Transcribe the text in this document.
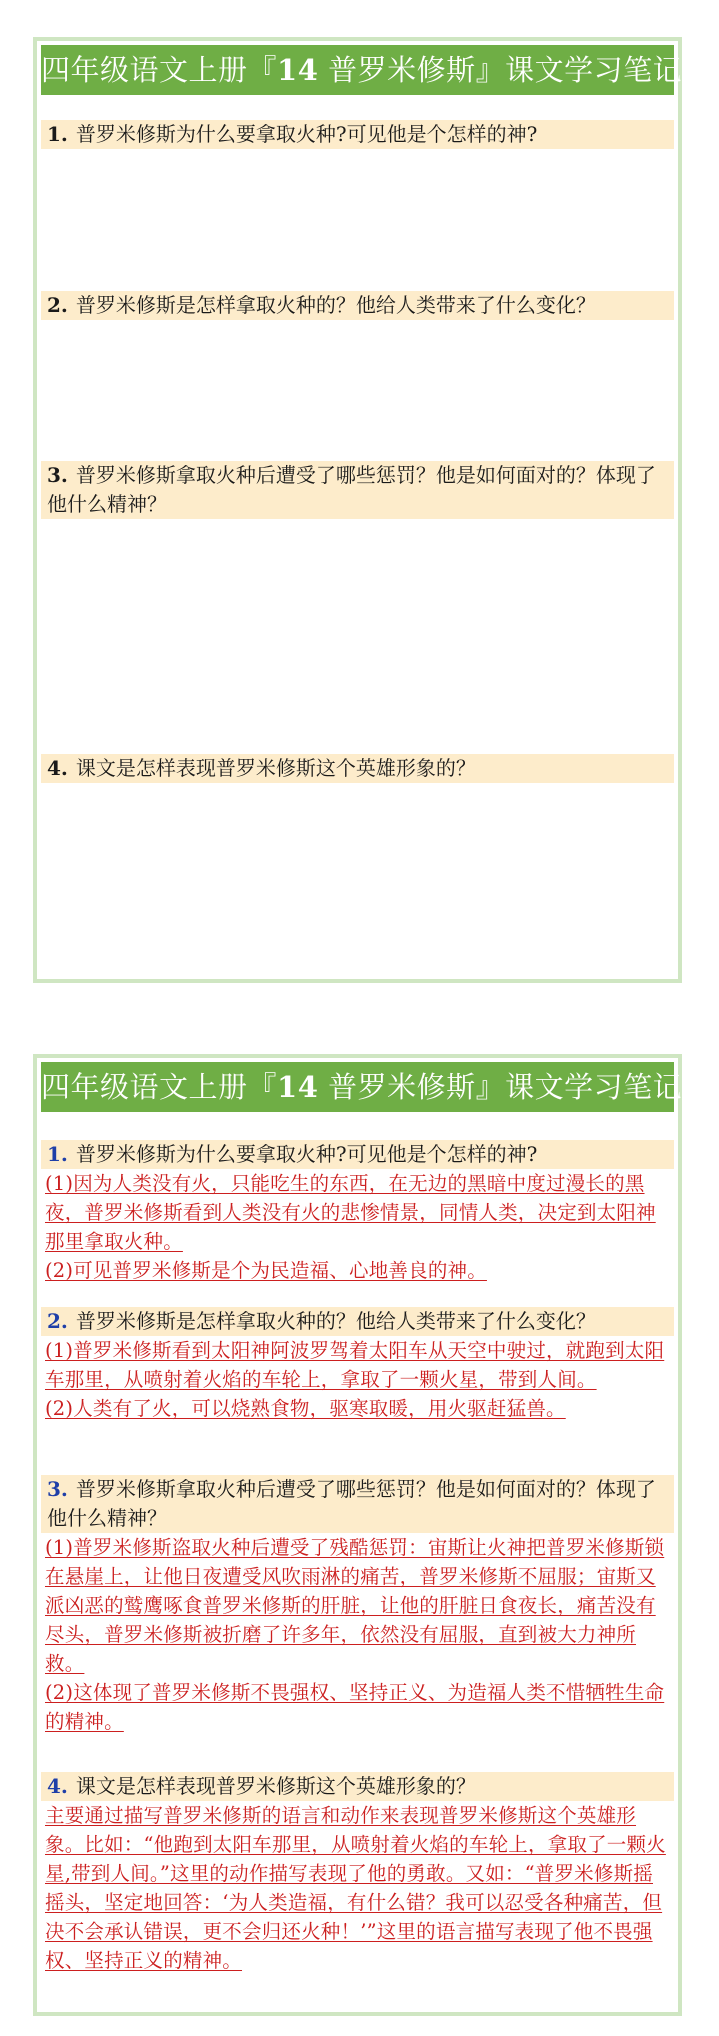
四年级语文上册『14 普罗米修斯』课文学习笔记
1. 普罗米修斯为什么要拿取火种?可见他是个怎样的神?
2. 普罗米修斯是怎样拿取火种的？他给人类带来了什么变化？
3. 普罗米修斯拿取火种后遭受了哪些惩罚？他是如何面对的？体现了他什么精神？
4. 课文是怎样表现普罗米修斯这个英雄形象的？
四年级语文上册『14 普罗米修斯』课文学习笔记
1. 普罗米修斯为什么要拿取火种?可见他是个怎样的神?

(1)因为人类没有火，只能吃生的东西，在无边的黑暗中度过漫长的黑夜，普罗米修斯看到人类没有火的悲惨情景，同情人类，决定到太阳神那里拿取火种。

(2)可见普罗米修斯是个为民造福、心地善良的神。

2. 普罗米修斯是怎样拿取火种的？他给人类带来了什么变化？

(1)普罗米修斯看到太阳神阿波罗驾着太阳车从天空中驶过，就跑到太阳车那里，从喷射着火焰的车轮上，拿取了一颗火星，带到人间。

(2)人类有了火，可以烧熟食物，驱寒取暖，用火驱赶猛兽。

3. 普罗米修斯拿取火种后遭受了哪些惩罚？他是如何面对的？体现了他什么精神？

(1)普罗米修斯盗取火种后遭受了残酷惩罚：宙斯让火神把普罗米修斯锁在悬崖上，让他日夜遭受风吹雨淋的痛苦，普罗米修斯不屈服；宙斯又派凶恶的鹫鹰啄食普罗米修斯的肝脏，让他的肝脏日食夜长，痛苦没有尽头，普罗米修斯被折磨了许多年，依然没有屈服，直到被大力神所救。

(2)这体现了普罗米修斯不畏强权、坚持正义、为造福人类不惜牺牲生命的精神。

4. 课文是怎样表现普罗米修斯这个英雄形象的？

主要通过描写普罗米修斯的语言和动作来表现普罗米修斯这个英雄形象。比如：“他跑到太阳车那里，从喷射着火焰的车轮上，拿取了一颗火星,带到人间。”这里的动作描写表现了他的勇敢。又如：“普罗米修斯摇摇头，坚定地回答：‘为人类造福，有什么错？我可以忍受各种痛苦，但决不会承认错误，更不会归还火种！’”这里的语言描写表现了他不畏强权、坚持正义的精神。
